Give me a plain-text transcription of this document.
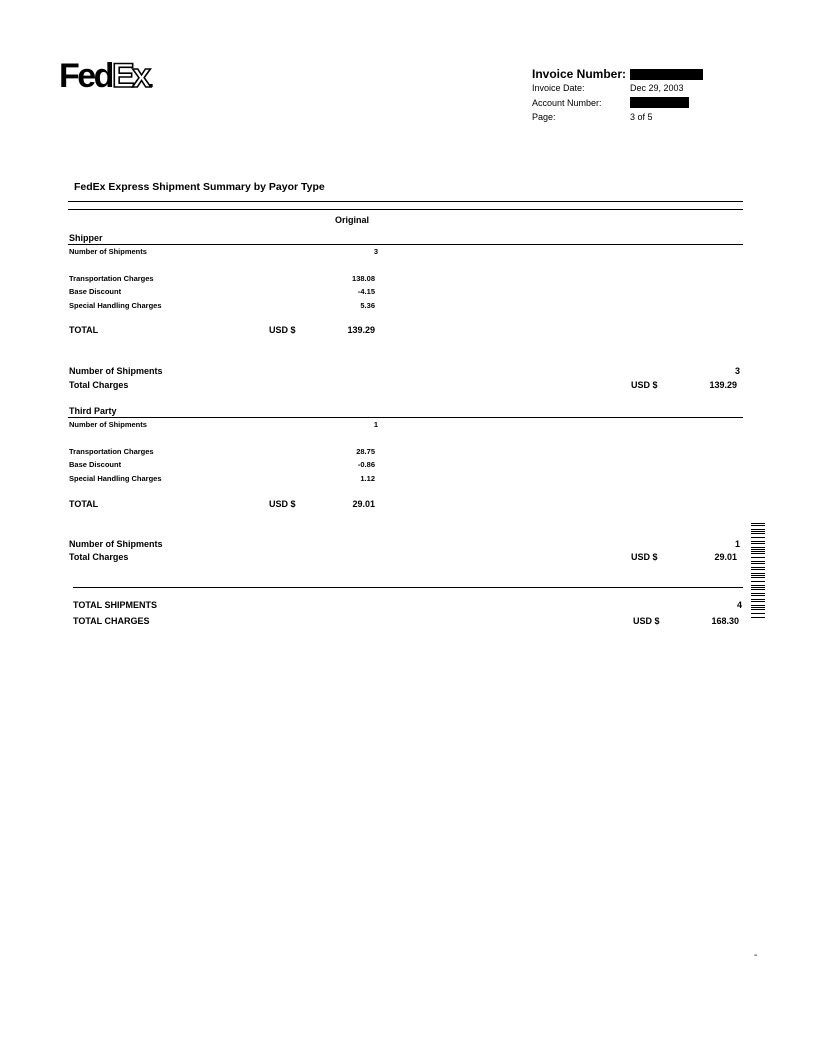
FedEx.	Invoice Number:
Invoice Date:	Dec 29, 2003
Account Number:
Page:	3 of 5
FedEx Express Shipment Summary by Payor Type
Original
Shipper
Number of Shipments	3
Transportation Charges	138.08
Base Discount	-4.15
Special Handling Charges	5.36
TOTAL	USD $	139.29
Number of Shipments	3
Total Charges	USD $	139.29
Third Party
Number of Shipments	1
Transportation Charges	28.75
Base Discount	-0.86
Special Handling Charges	1.12
TOTAL	USD $	29.01
Number of Shipments	1
Total Charges	USD $	29.01
TOTAL SHIPMENTS	4
TOTAL CHARGES	USD $	168.30
-
